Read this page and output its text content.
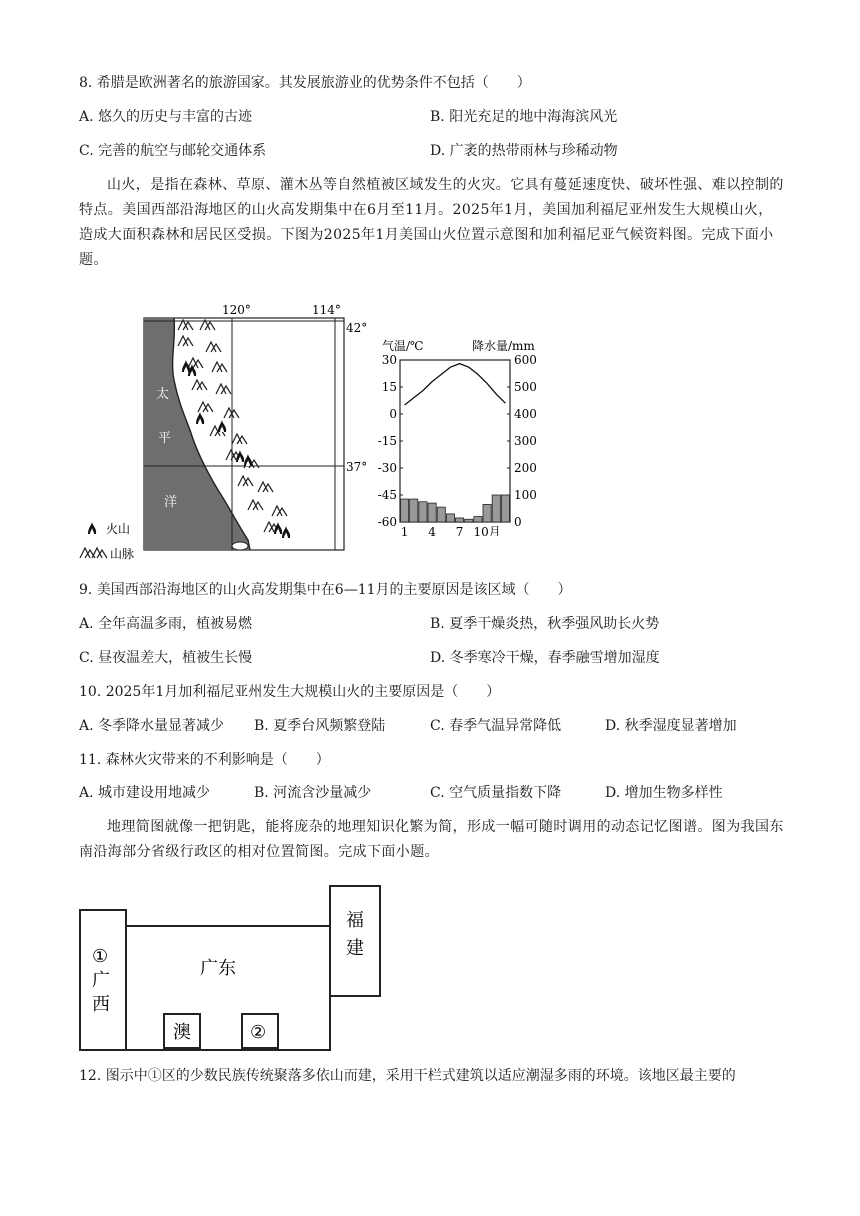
8. 希腊是欧洲著名的旅游国家。其发展旅游业的优势条件不包括（　　）
A. 悠久的历史与丰富的古迹	B. 阳光充足的地中海海滨风光
C. 完善的航空与邮轮交通体系	D. 广袤的热带雨林与珍稀动物
山火，是指在森林、草原、灌木丛等自然植被区域发生的火灾。它具有蔓延速度快、破坏性强、难以控制的特点。美国西部沿海地区的山火高发期集中在6月至11月。2025年1月，美国加利福尼亚州发生大规模山火，造成大面积森林和居民区受损。下图为2025年1月美国山火位置示意图和加利福尼亚气候资料图。完成下面小题。
120°	114°
42°
37°
太
平
洋
火山
山脉
气温/℃	降水量/mm
30
15
0
-15
-30
-45
-60
600
500
400
300
200
100
0
1 4 7 10月
9. 美国西部沿海地区的山火高发期集中在6—11月的主要原因是该区域（　　）
A. 全年高温多雨，植被易燃	B. 夏季干燥炎热，秋季强风助长火势
C. 昼夜温差大，植被生长慢	D. 冬季寒冷干燥，春季融雪增加湿度
10. 2025年1月加利福尼亚州发生大规模山火的主要原因是（　　）
A. 冬季降水量显著减少 B. 夏季台风频繁登陆	C. 春季气温异常降低	D. 秋季湿度显著增加
11. 森林火灾带来的不利影响是（　　）
A. 城市建设用地减少	B. 河流含沙量减少	C. 空气质量指数下降	D. 增加生物多样性
地理简图就像一把钥匙，能将庞杂的地理知识化繁为简，形成一幅可随时调用的动态记忆图谱。图为我国东南沿海部分省级行政区的相对位置简图。完成下面小题。
①
广
西
广东
福
建
澳	②
12. 图示中①区的少数民族传统聚落多依山而建，采用干栏式建筑以适应潮湿多雨的环境。该地区最主要的
